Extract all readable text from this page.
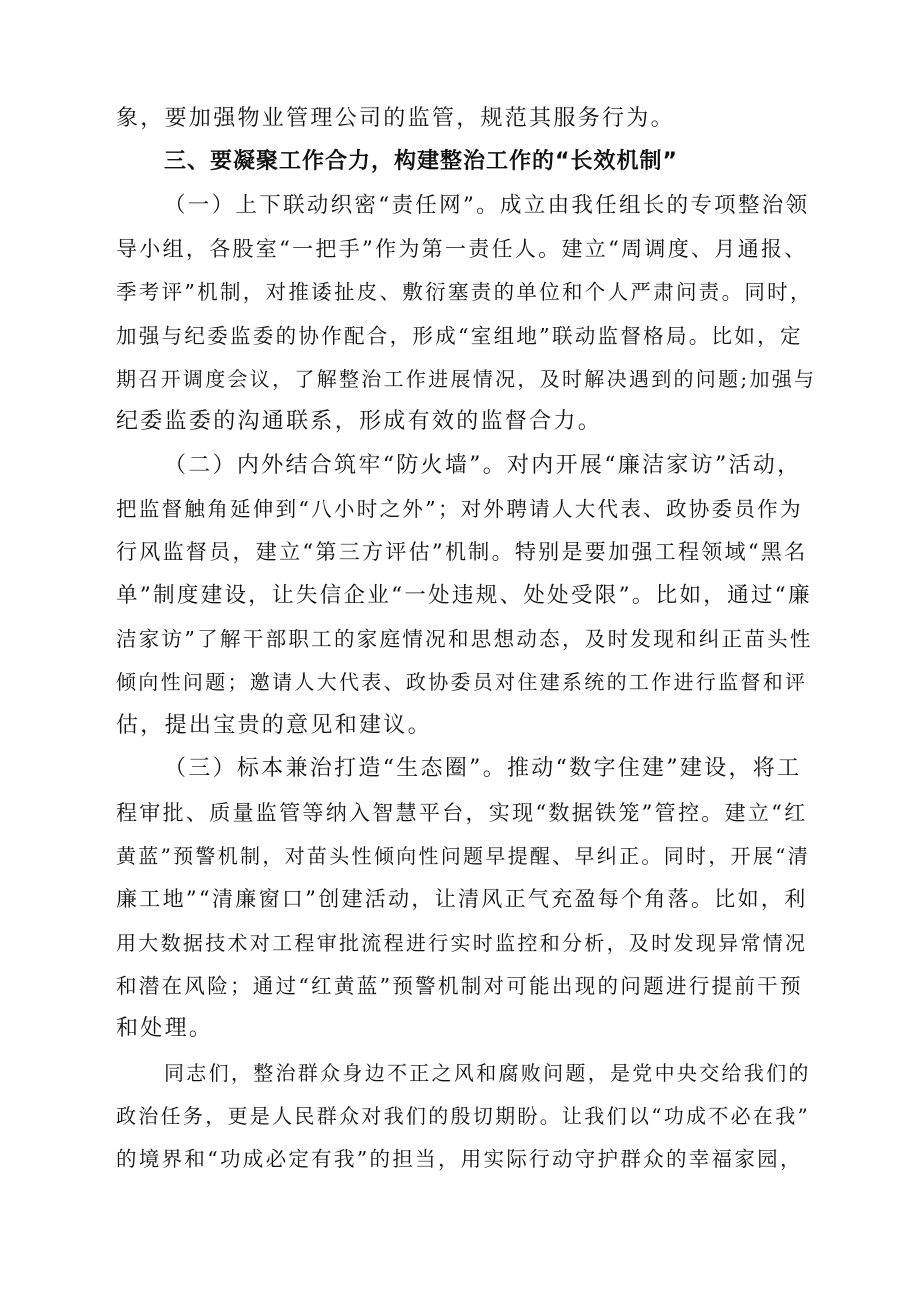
象，要加强物业管理公司的监管，规范其服务行为。
三、要凝聚工作合力，构建整治工作的“长效机制”
（一）上下联动织密“责任网”。成立由我任组长的专项整治领
导小组，各股室“一把手”作为第一责任人。建立“周调度、月通报、
季考评”机制，对推诿扯皮、敷衍塞责的单位和个人严肃问责。同时，
加强与纪委监委的协作配合，形成“室组地”联动监督格局。比如，定
期召开调度会议，了解整治工作进展情况，及时解决遇到的问题;加强与
纪委监委的沟通联系，形成有效的监督合力。
（二）内外结合筑牢“防火墙”。对内开展“廉洁家访”活动，
把监督触角延伸到“八小时之外”；对外聘请人大代表、政协委员作为
行风监督员，建立“第三方评估”机制。特别是要加强工程领域“黑名
单”制度建设，让失信企业“一处违规、处处受限”。比如，通过“廉
洁家访”了解干部职工的家庭情况和思想动态，及时发现和纠正苗头性
倾向性问题；邀请人大代表、政协委员对住建系统的工作进行监督和评
估，提出宝贵的意见和建议。
（三）标本兼治打造“生态圈”。推动“数字住建”建设，将工
程审批、质量监管等纳入智慧平台，实现“数据铁笼”管控。建立“红
黄蓝”预警机制，对苗头性倾向性问题早提醒、早纠正。同时，开展“清
廉工地”“清廉窗口”创建活动，让清风正气充盈每个角落。比如，利
用大数据技术对工程审批流程进行实时监控和分析，及时发现异常情况
和潜在风险；通过“红黄蓝”预警机制对可能出现的问题进行提前干预
和处理。
同志们，整治群众身边不正之风和腐败问题，是党中央交给我们的
政治任务，更是人民群众对我们的殷切期盼。让我们以“功成不必在我”
的境界和“功成必定有我”的担当，用实际行动守护群众的幸福家园，
